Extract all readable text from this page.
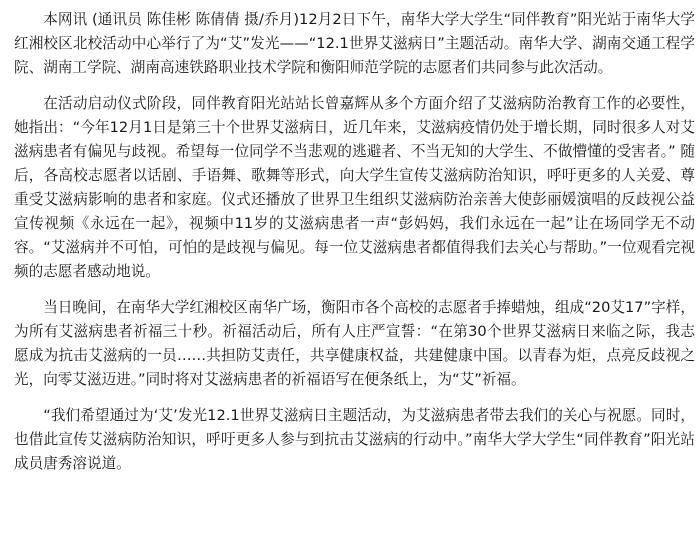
本网讯 (通讯员 陈佳彬 陈倩倩 摄/乔月)12月2日下午，南华大学大学生“同伴教育”阳光站于南华大学红湘校区北校活动中心举行了为“艾”发光——“12.1世界艾滋病日”主题活动。南华大学、湖南交通工程学院、湖南工学院、湖南高速铁路职业技术学院和衡阳师范学院的志愿者们共同参与此次活动。

在活动启动仪式阶段，同伴教育阳光站站长曾嘉辉从多个方面介绍了艾滋病防治教育工作的必要性，她指出：“今年12月1日是第三十个世界艾滋病日，近几年来，艾滋病疫情仍处于增长期，同时很多人对艾滋病患者有偏见与歧视。希望每一位同学不当悲观的逃避者、不当无知的大学生、不做懵懂的受害者。” 随后，各高校志愿者以话剧、手语舞、歌舞等形式，向大学生宣传艾滋病防治知识，呼吁更多的人关爱、尊重受艾滋病影响的患者和家庭。仪式还播放了世界卫生组织艾滋病防治亲善大使彭丽媛演唱的反歧视公益宣传视频《永远在一起》，视频中11岁的艾滋病患者一声“彭妈妈，我们永远在一起”让在场同学无不动容。“艾滋病并不可怕，可怕的是歧视与偏见。每一位艾滋病患者都值得我们去关心与帮助。”一位观看完视频的志愿者感动地说。

当日晚间，在南华大学红湘校区南华广场，衡阳市各个高校的志愿者手捧蜡烛，组成“20艾17”字样，为所有艾滋病患者祈福三十秒。祈福活动后，所有人庄严宣誓：“在第30个世界艾滋病日来临之际，我志愿成为抗击艾滋病的一员……共担防艾责任，共享健康权益，共建健康中国。以青春为炬，点亮反歧视之光，向零艾滋迈进。”同时将对艾滋病患者的祈福语写在便条纸上，为“艾”祈福。

“我们希望通过为‘艾’发光12.1世界艾滋病日主题活动，为艾滋病患者带去我们的关心与祝愿。同时，也借此宣传艾滋病防治知识，呼吁更多人参与到抗击艾滋病的行动中。”南华大学大学生“同伴教育”阳光站成员唐秀溶说道。
